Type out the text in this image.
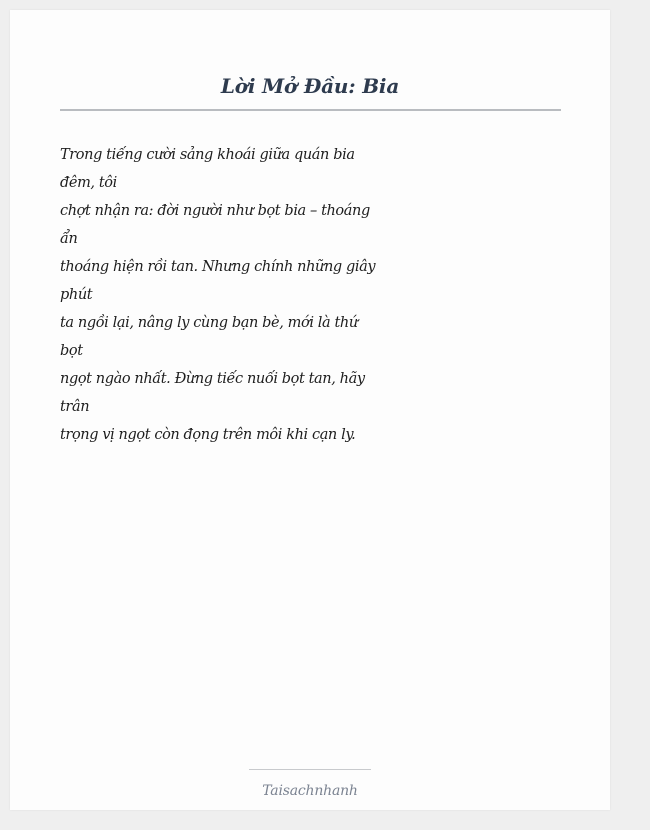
Lời Mở Đầu: Bia
Trong tiếng cười sảng khoái giữa quán bia
đêm, tôi
chợt nhận ra: đời người như bọt bia – thoáng
ẩn
thoáng hiện rồi tan. Nhưng chính những giây
phút
ta ngồi lại, nâng ly cùng bạn bè, mới là thứ
bọt
ngọt ngào nhất. Đừng tiếc nuối bọt tan, hãy
trân
trọng vị ngọt còn đọng trên môi khi cạn ly.
Taisachnhanh
